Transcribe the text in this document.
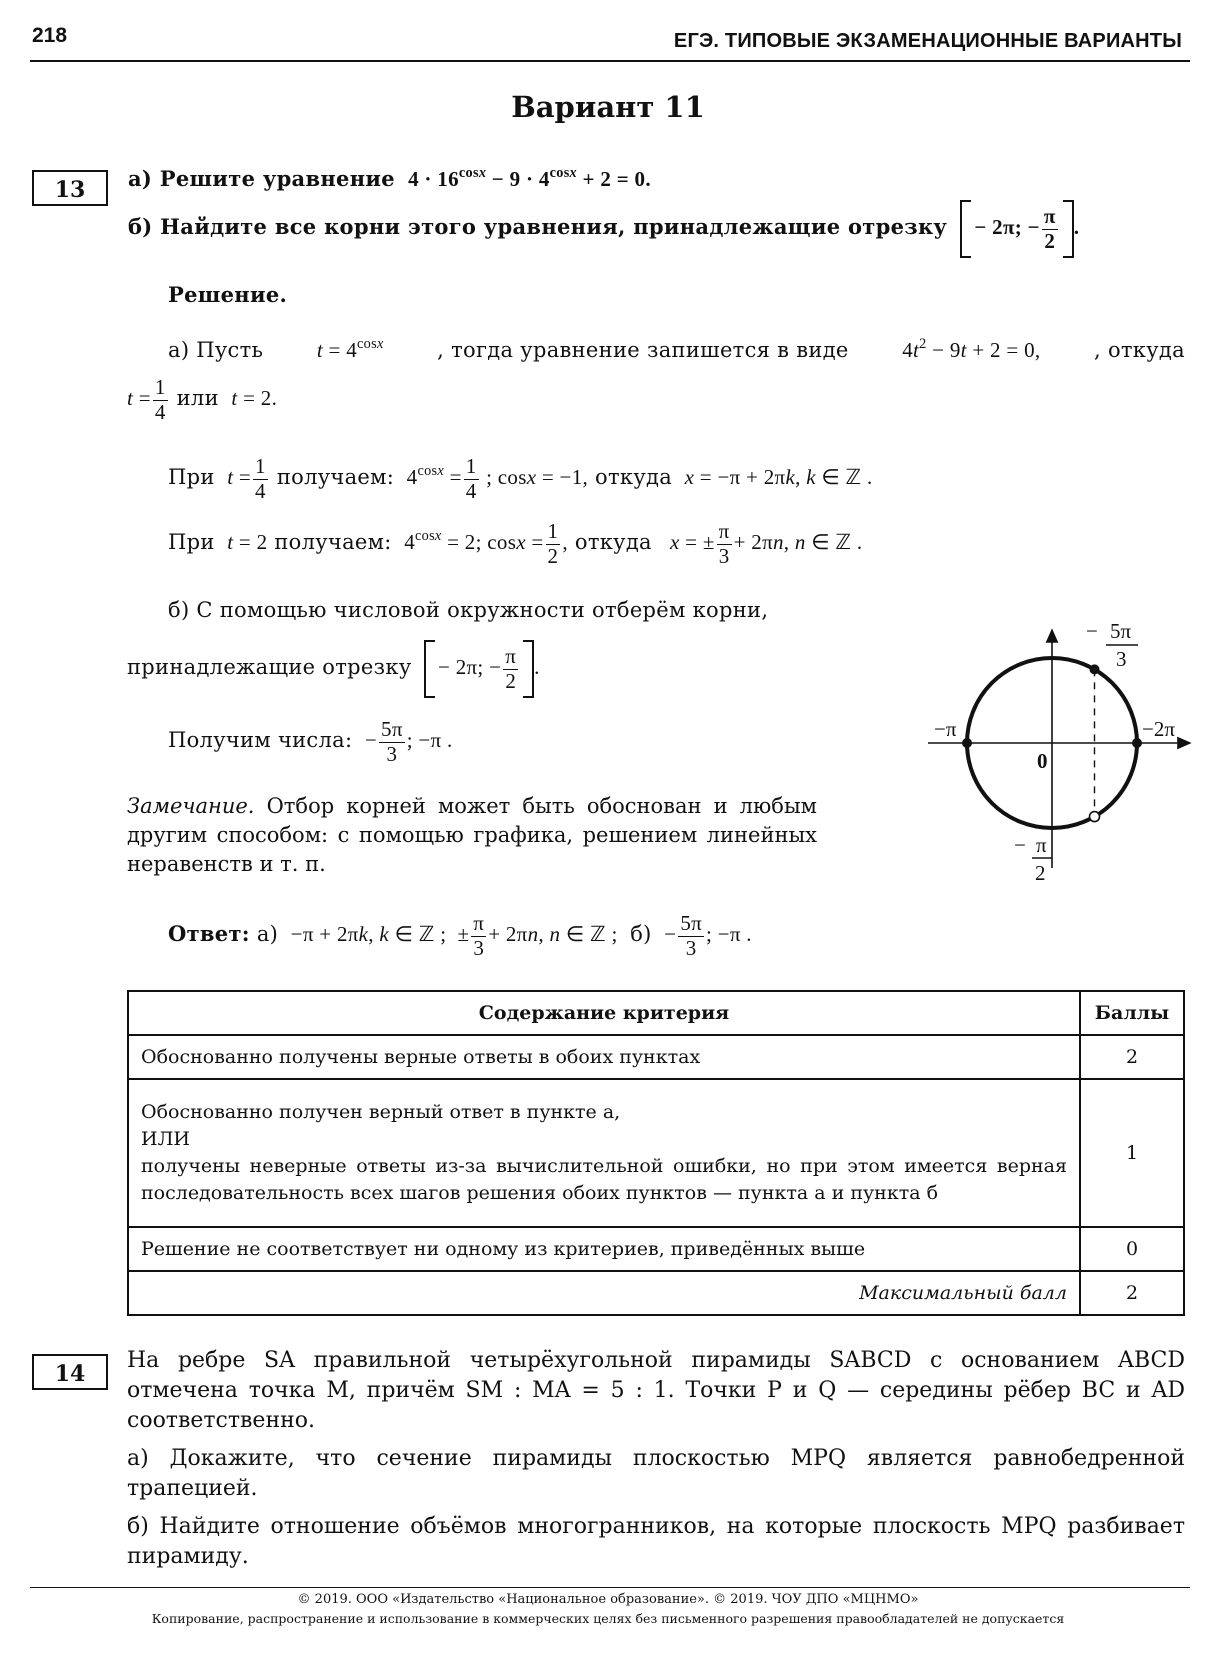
218	ЕГЭ. ТИПОВЫЕ ЭКЗАМЕНАЦИОННЫЕ ВАРИАНТЫ
Вариант 11
13	а) Решите уравнение  $4 \cdot 16^{cosx} - 9 \cdot 4^{cosx} + 2 = 0$.
б) Найдите все корни этого уравнения, принадлежащие отрезку − 2π; − $\frac{\pi}{2}$ .
Решение.
а) Пусть	$t = 4^{cosx}$	, тогда уравнение запишется в виде	$4t^2 - 9t + 2 = 0$,	, откуда
$t = \frac{1}{4}$ или t = 2.
При $t = \frac{1}{4}$ получаем:  $4^{cosx} = \frac{1}{4}$ ; cosx = −1, откуда x = −π + 2πk, k ∈ ℤ .
При t = 2 получаем:  $4^{cosx} = 2$; $\cos x = \frac{1}{2}$ , откуда x = ± $\frac{\pi}{3} + 2\pi n$, n ∈ ℤ .
б) С помощью числовой окружности отберём корни,
принадлежащие отрезку − 2π; − $\frac{\pi}{2}$ .
Получим числа:  − $\frac{5\pi}{3}$ ; −π .
Замечание. Отбор корней может быть обоснован и любым другим способом: с помощью графика, решением линейных неравенств и т. п.
Ответ: а)  −π + 2πk, k ∈ ℤ ;  ± $\frac{\pi}{3} + 2\pi n$, n ∈ ℤ ;  $б) - \frac{5\pi}{3}$ ; −π .
− 5π
3
−π	−2π
0
− π
2
Содержание критерия	Баллы
Обоснованно получены верные ответы в обоих пунктах	2

Обоснованно получен верный ответ в пункте а,
ИЛИ
получены неверные ответы из-за вычислительной ошибки, но при этом имеется верная последовательность всех шагов решения обоих пунктов — пункта а и пункта б	1
Решение не соответствует ни одному из критериев, приведённых выше	0
Максимальный балл	2
14

На ребре SA правильной четырёхугольной пирамиды SABCD с основанием ABCD отмечена точка M, причём SM : MA = 5 : 1. Точки P и Q — середины рёбер BC и AD соответственно.

а) Докажите, что сечение пирамиды плоскостью MPQ является равнобедренной трапецией.

б) Найдите отношение объёмов многогранников, на которые плоскость MPQ разбивает пирамиду.

© 2019. ООО «Издательство «Национальное образование». © 2019. ЧОУ ДПО «МЦНМО»
Копирование, распространение и использование в коммерческих целях без письменного разрешения правообладателей не допускается
